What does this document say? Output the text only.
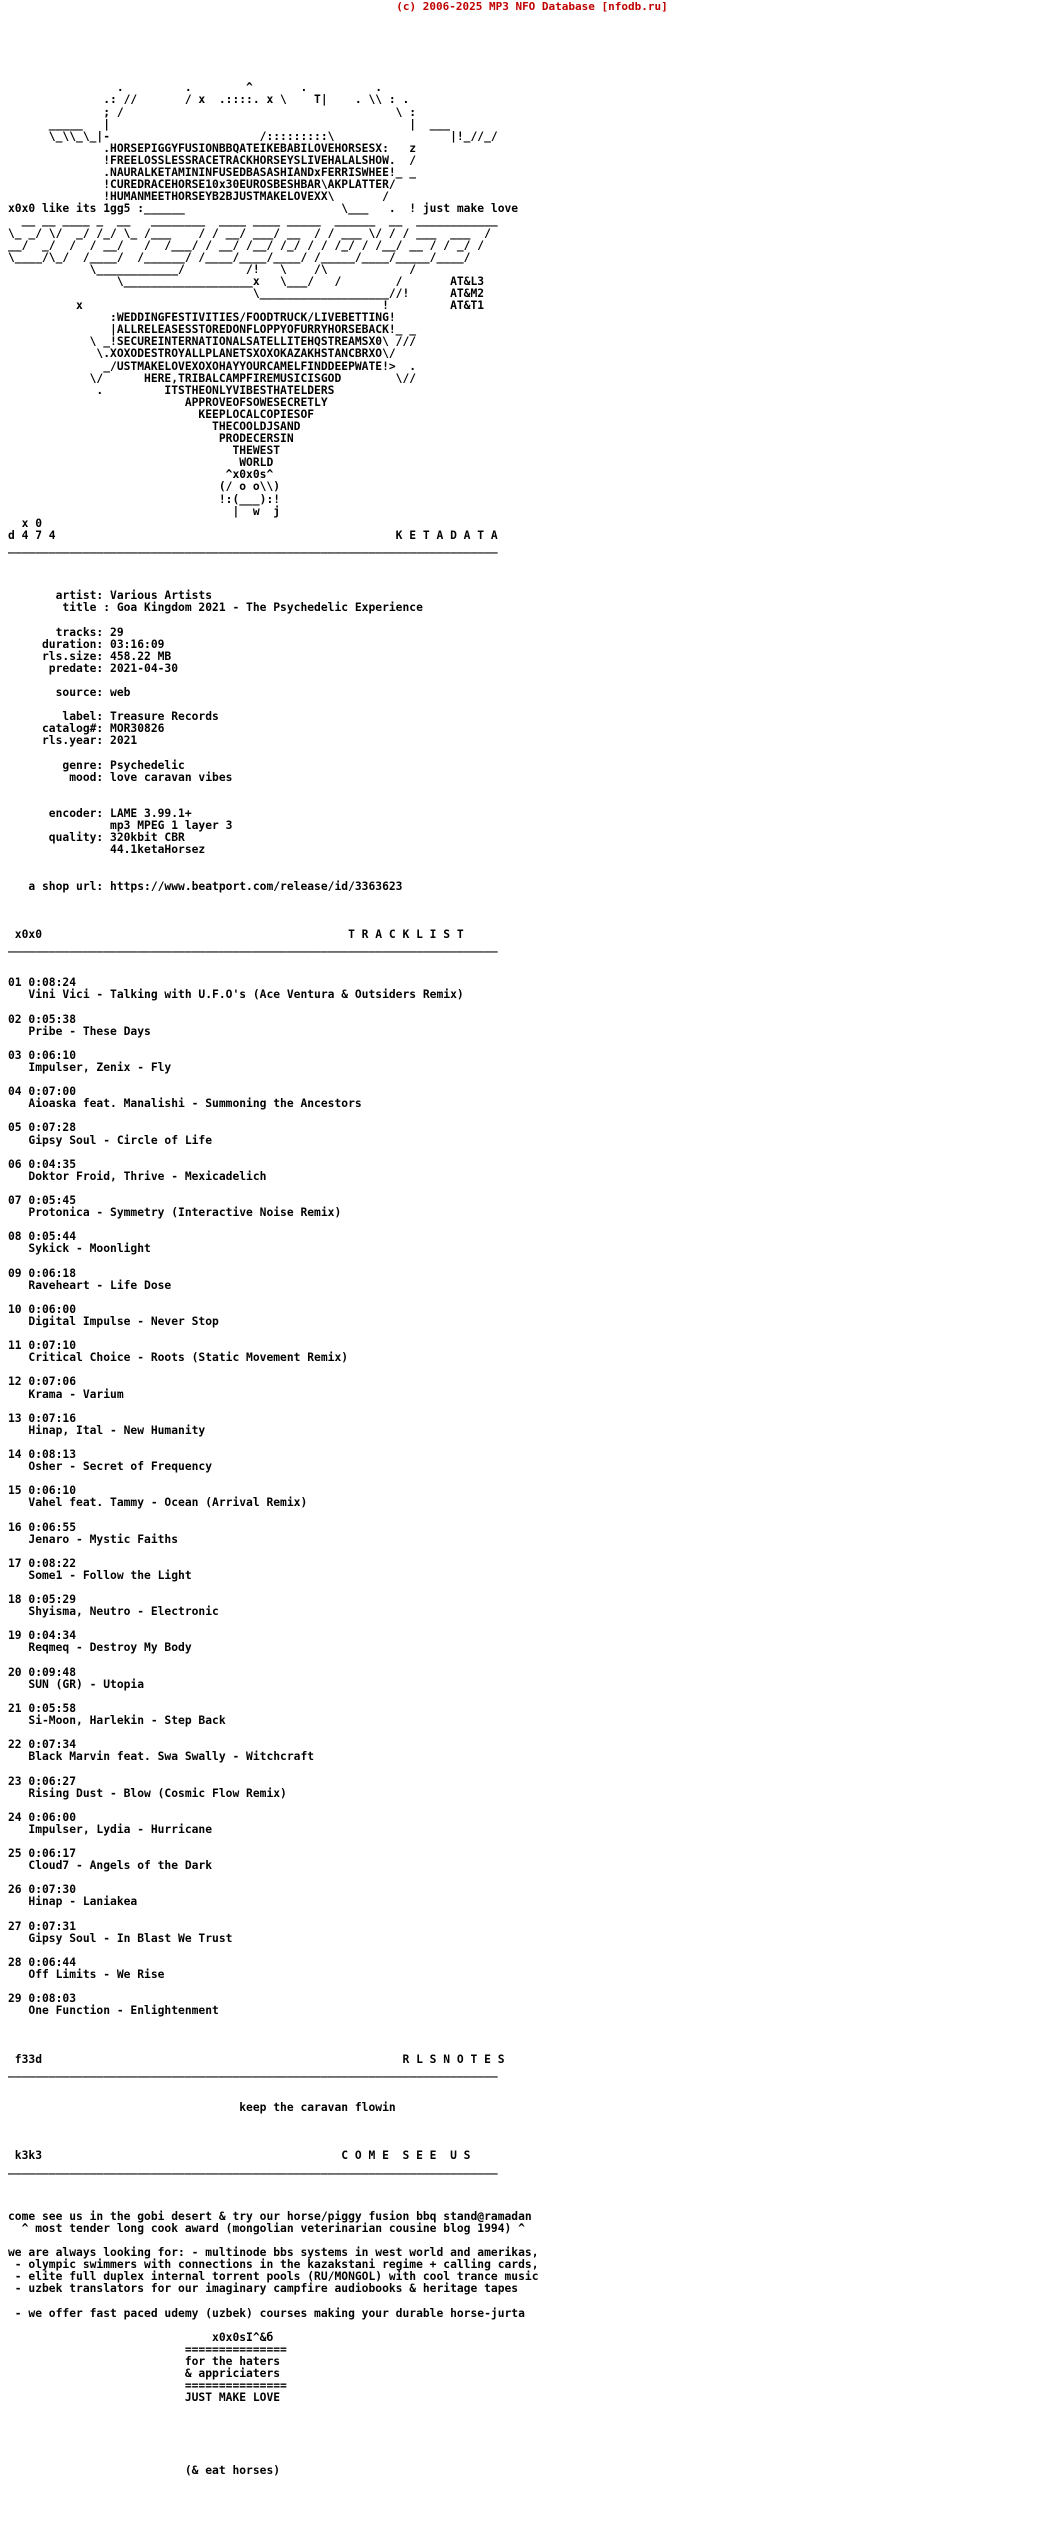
(c) 2006-2025 MP3 NFO Database [nfodb.ru]

.         .        ^       .          .
.: //       / x  .::::. x \    T|    . \\ : .
; /                                        \ :
_____   |                                            |  ___
\_\\_\_|-                      /:::::::::\                 |!_//_/
.HORSEPIGGYFUSIONBBQATEIKEBABILOVEHORSESX:   z
!FREELOSSLESSRACETRACKHORSEYSLIVEHALALSHOW.  /
.NAURALKETAMININFUSEDBASASHIANDxFERRISWHEE!_ _
!CUREDRACEHORSE10x30EUROSBESHBAR\AKPLATTER/
!HUMANMEETHORSEYB2BJUSTMAKELOVEXX\       /
x0x0 like its 1gg5 :______                       \___   .  ! just make love
__ __ ____ _  __   ________  ____ ____ _____  ______  __  ____________
\_ _/ \/  _/ /_/ \_ /___    / / __/ ___/ __  / / ___ \/ / / ___  ___  /
__/  _/  /  / __/   /  /___/ / __/ /__/ /_/ / / /_/ / /__/ __ / / _/ /
\____/\_/  /____/  /______/ /____/____/____/ /_____/____/_____/____/
\____________/         /!   \    /\            /
\___________________x   \___/   /        /       AT&L3
\___________________//!      AT&M2
x                                            !         AT&T1
:WEDDINGFESTIVITIES/FOODTRUCK/LIVEBETTING!
|ALLRELEASESSTOREDONFLOPPYOFURRYHORSEBACK!_ _
\ _!SECUREINTERNATIONALSATELLITEHQSTREAMSX0\ ///
\.XOXODESTROYALLPLANETSXOXOKAZAKHSTANCBRXO\/
_/USTMAKELOVEXOXOHAYYOURCAMELFINDDEEPWATE!>  .
\/      HERE,TRIBALCAMPFIREMUSICISGOD        \//
.         ITSTHEONLYVIBESTHATELDERS
APPROVEOFSOWESECRETLY
KEEPLOCALCOPIESOF
THECOOLDJSAND
PRODECERSIN
THEWEST
WORLD
^x0x0s^
(/ o o\\)
!:(___):!
|  w  j
x 0
d 4 7 4                                                  K E T A D A T A
________________________________________________________________________

artist: Various Artists
title : Goa Kingdom 2021 - The Psychedelic Experience

tracks: 29
duration: 03:16:09
rls.size: 458.22 MB
predate: 2021-04-30

source: web

label: Treasure Records
catalog#: MOR30826
rls.year: 2021

genre: Psychedelic
mood: love caravan vibes

encoder: LAME 3.99.1+
mp3 MPEG 1 layer 3
quality: 320kbit CBR
44.1ketaHorsez

a shop url: https://www.beatport.com/release/id/3363623

x0x0                                             T R A C K L I S T
________________________________________________________________________

01 0:08:24
Vini Vici - Talking with U.F.O's (Ace Ventura & Outsiders Remix)

02 0:05:38
Pribe - These Days

03 0:06:10
Impulser, Zenix - Fly

04 0:07:00
Aioaska feat. Manalishi - Summoning the Ancestors

05 0:07:28
Gipsy Soul - Circle of Life

06 0:04:35
Doktor Froid, Thrive - Mexicadelich

07 0:05:45
Protonica - Symmetry (Interactive Noise Remix)

08 0:05:44
Sykick - Moonlight

09 0:06:18
Raveheart - Life Dose

10 0:06:00
Digital Impulse - Never Stop

11 0:07:10
Critical Choice - Roots (Static Movement Remix)

12 0:07:06
Krama - Varium

13 0:07:16
Hinap, Ital - New Humanity

14 0:08:13
Osher - Secret of Frequency

15 0:06:10
Vahel feat. Tammy - Ocean (Arrival Remix)

16 0:06:55
Jenaro - Mystic Faiths

17 0:08:22
Some1 - Follow the Light

18 0:05:29
Shyisma, Neutro - Electronic

19 0:04:34
Reqmeq - Destroy My Body

20 0:09:48
SUN (GR) - Utopia

21 0:05:58
Si-Moon, Harlekin - Step Back

22 0:07:34
Black Marvin feat. Swa Swally - Witchcraft

23 0:06:27
Rising Dust - Blow (Cosmic Flow Remix)

24 0:06:00
Impulser, Lydia - Hurricane

25 0:06:17
Cloud7 - Angels of the Dark

26 0:07:30
Hinap - Laniakea

27 0:07:31
Gipsy Soul - In Blast We Trust

28 0:06:44
Off Limits - We Rise

29 0:08:03
One Function - Enlightenment

f33d                                                     R L S N O T E S
________________________________________________________________________

keep the caravan flowin

k3k3                                            C O M E  S E E  U S
________________________________________________________________________

come see us in the gobi desert & try our horse/piggy fusion bbq stand@ramadan
^ most tender long cook award (mongolian veterinarian cousine blog 1994) ^

we are always looking for: - multinode bbs systems in west world and amerikas,
- olympic swimmers with connections in the kazakstani regime + calling cards,
- elite full duplex internal torrent pools (RU/MONGOL) with cool trance music
- uzbek translators for our imaginary campfire audiobooks & heritage tapes

- we offer fast paced udemy (uzbek) courses making your durable horse-jurta

x0x0sI^&б
===============
for the haters
& appriciaters
===============
JUST MAKE LOVE

(& eat horses)
